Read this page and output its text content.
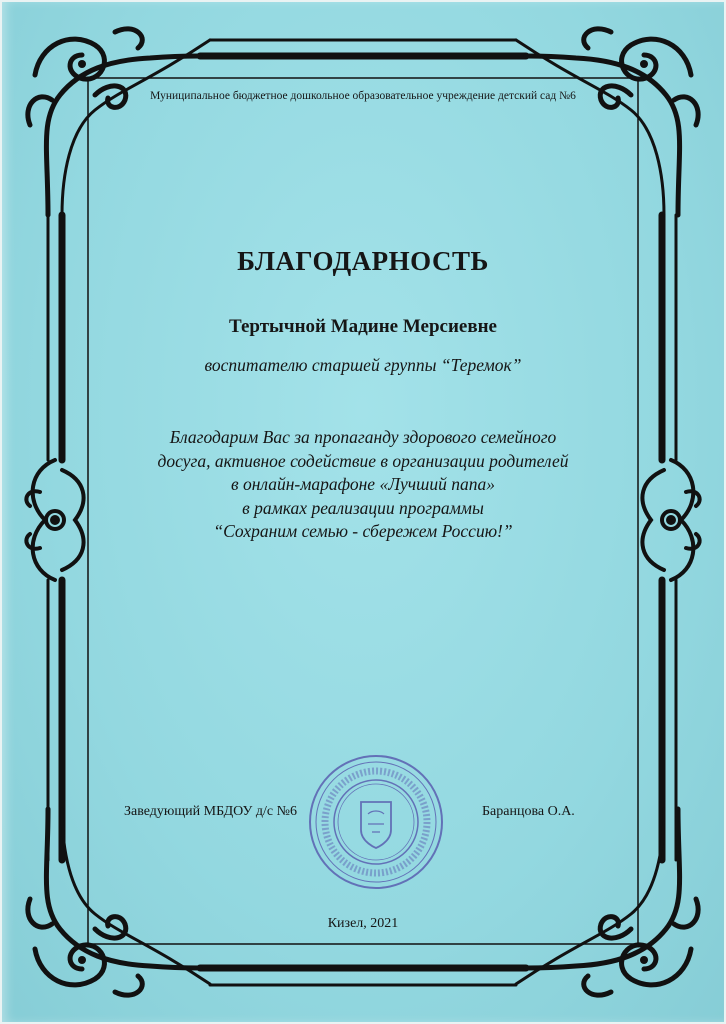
Муниципальное бюджетное дошкольное образовательное учреждение детский сад №6
БЛАГОДАРНОСТЬ
Тертычной Мадине Мерсиевне
воспитателю старшей группы “Теремок”
Благодарим Вас за пропаганду здорового семейного
досуга, активное содействие в организации родителей
в онлайн-марафоне «Лучший папа»
в рамках реализации программы
“Сохраним семью - сбережем Россию!”
Заведующий МБДОУ д/с №6	Баранцова О.А.
Кизел, 2021
